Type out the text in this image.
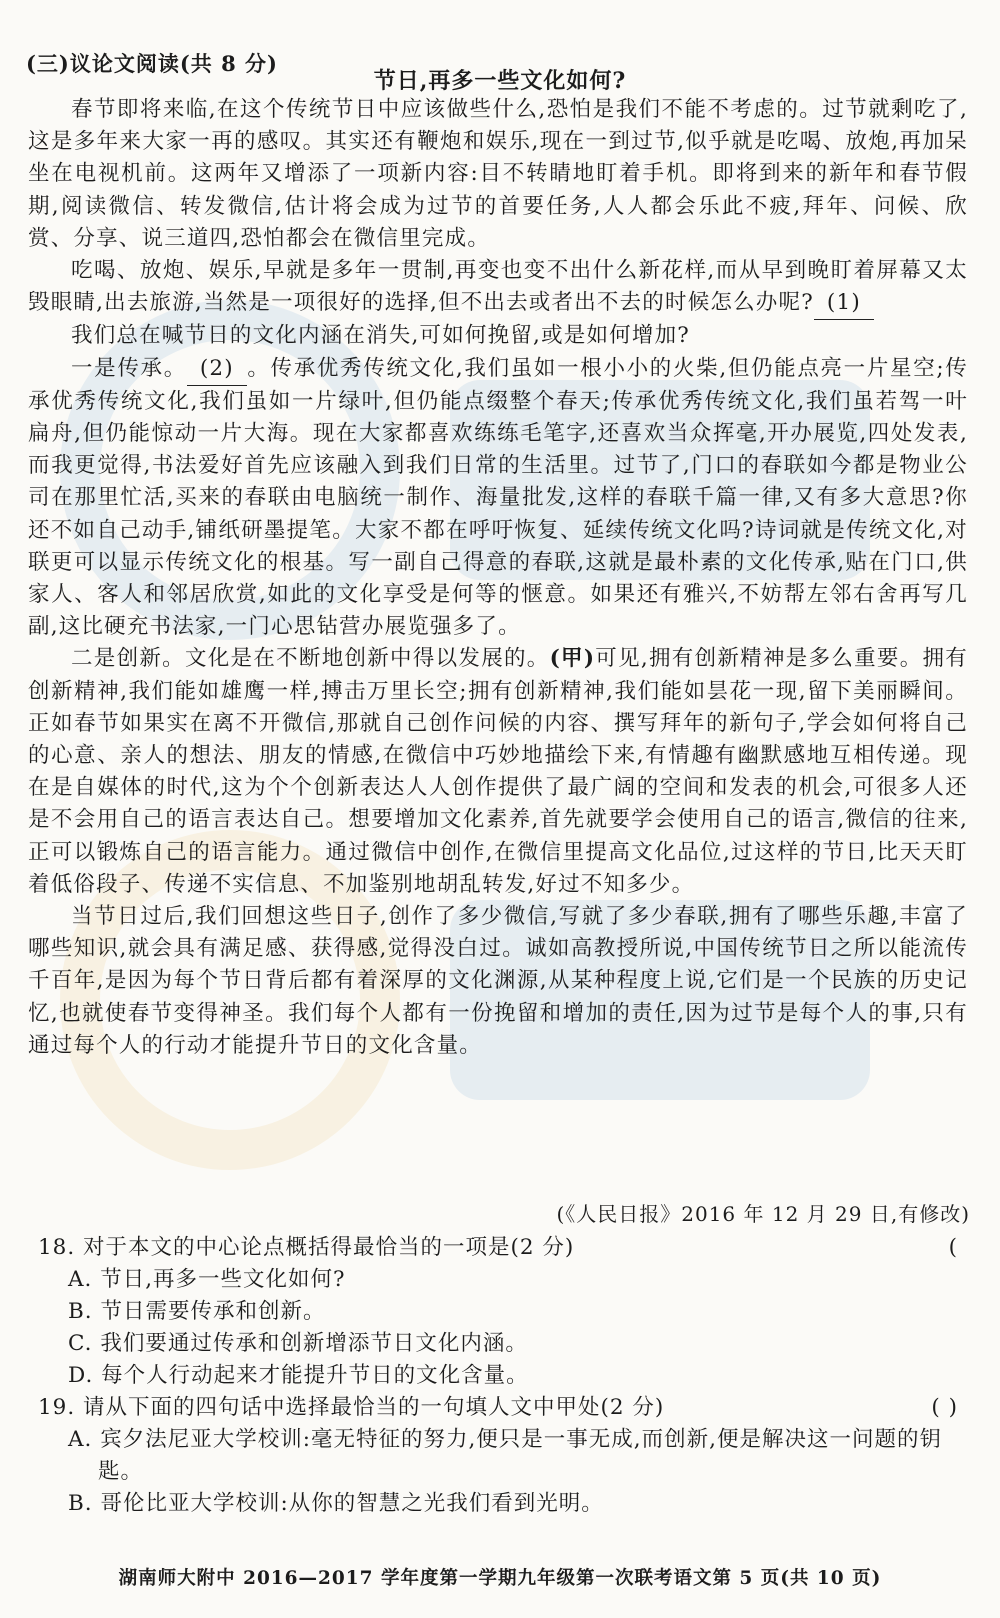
(三)议论文阅读(共 8 分)
节日,再多一些文化如何?

春节即将来临,在这个传统节日中应该做些什么,恐怕是我们不能不考虑的。过节就剩吃了,这是多年来大家一再的感叹。其实还有鞭炮和娱乐,现在一到过节,似乎就是吃喝、放炮,再加呆坐在电视机前。这两年又增添了一项新内容:目不转睛地盯着手机。即将到来的新年和春节假期,阅读微信、转发微信,估计将会成为过节的首要任务,人人都会乐此不疲,拜年、问候、欣赏、分享、说三道四,恐怕都会在微信里完成。

吃喝、放炮、娱乐,早就是多年一贯制,再变也变不出什么新花样,而从早到晚盯着屏幕又太毁眼睛,出去旅游,当然是一项很好的选择,但不出去或者出不去的时候怎么办呢? (1)

我们总在喊节日的文化内涵在消失,可如何挽留,或是如何增加?

一是传承。 (2) 。传承优秀传统文化,我们虽如一根小小的火柴,但仍能点亮一片星空;传承优秀传统文化,我们虽如一片绿叶,但仍能点缀整个春天;传承优秀传统文化,我们虽若驾一叶扁舟,但仍能惊动一片大海。现在大家都喜欢练练毛笔字,还喜欢当众挥毫,开办展览,四处发表,而我更觉得,书法爱好首先应该融入到我们日常的生活里。过节了,门口的春联如今都是物业公司在那里忙活,买来的春联由电脑统一制作、海量批发,这样的春联千篇一律,又有多大意思?你还不如自己动手,铺纸研墨提笔。大家不都在呼吁恢复、延续传统文化吗?诗词就是传统文化,对联更可以显示传统文化的根基。写一副自己得意的春联,这就是最朴素的文化传承,贴在门口,供家人、客人和邻居欣赏,如此的文化享受是何等的惬意。如果还有雅兴,不妨帮左邻右舍再写几副,这比硬充书法家,一门心思钻营办展览强多了。

二是创新。文化是在不断地创新中得以发展的。(甲)可见,拥有创新精神是多么重要。拥有创新精神,我们能如雄鹰一样,搏击万里长空;拥有创新精神,我们能如昙花一现,留下美丽瞬间。正如春节如果实在离不开微信,那就自己创作问候的内容、撰写拜年的新句子,学会如何将自己的心意、亲人的想法、朋友的情感,在微信中巧妙地描绘下来,有情趣有幽默感地互相传递。现在是自媒体的时代,这为个个创新表达人人创作提供了最广阔的空间和发表的机会,可很多人还是不会用自己的语言表达自己。想要增加文化素养,首先就要学会使用自己的语言,微信的往来,正可以锻炼自己的语言能力。通过微信中创作,在微信里提高文化品位,过这样的节日,比天天盯着低俗段子、传递不实信息、不加鉴别地胡乱转发,好过不知多少。

当节日过后,我们回想这些日子,创作了多少微信,写就了多少春联,拥有了哪些乐趣,丰富了哪些知识,就会具有满足感、获得感,觉得没白过。诚如高教授所说,中国传统节日之所以能流传千百年,是因为每个节日背后都有着深厚的文化渊源,从某种程度上说,它们是一个民族的历史记忆,也就使春节变得神圣。我们每个人都有一份挽留和增加的责任,因为过节是每个人的事,只有通过每个人的行动才能提升节日的文化含量。

(《人民日报》2016 年 12 月 29 日,有修改)
18. 对于本文的中心论点概括得最恰当的一项是(2 分)	(

A. 节日,再多一些文化如何?

B. 节日需要传承和创新。

C. 我们要通过传承和创新增添节日文化内涵。

D. 每个人行动起来才能提升节日的文化含量。

19. 请从下面的四句话中选择最恰当的一句填人文中甲处(2 分)	( )

A. 宾夕法尼亚大学校训:毫无特征的努力,便只是一事无成,而创新,便是解决这一问题的钥匙。

B. 哥伦比亚大学校训:从你的智慧之光我们看到光明。

湖南师大附中 2016—2017 学年度第一学期九年级第一次联考语文第 5 页(共 10 页)
